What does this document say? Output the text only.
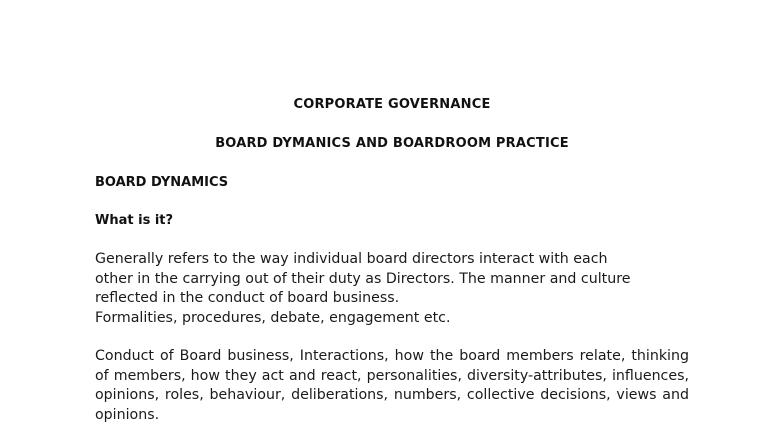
CORPORATE GOVERNANCE
BOARD DYMANICS AND BOARDROOM PRACTICE
BOARD DYNAMICS
What is it?
Generally refers to the way individual board directors interact with each
other in the carrying out of their duty as Directors. The manner and culture
reflected in the conduct of board business.
Formalities, procedures, debate, engagement etc.
Conduct of Board business, Interactions, how the board members relate, thinking of members, how they act and react, personalities, diversity-attributes, influences, opinions, roles, behaviour, deliberations, numbers, collective decisions, views and opinions.
